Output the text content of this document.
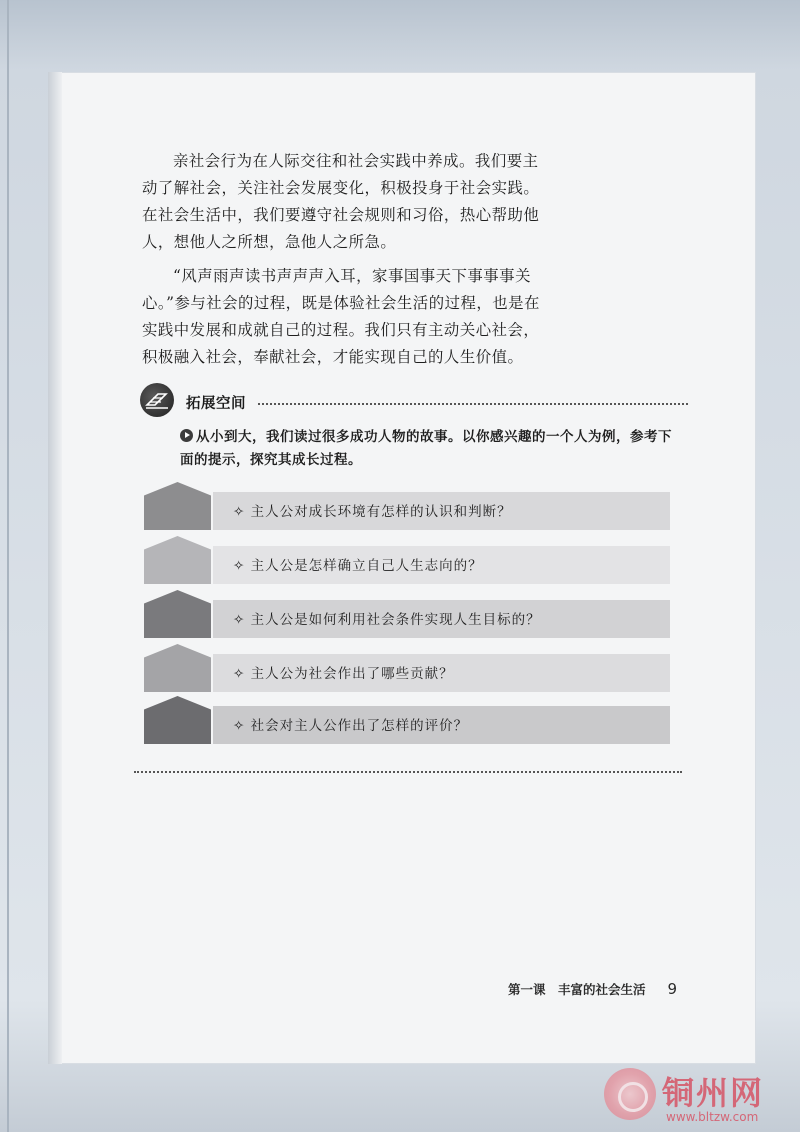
亲社会行为在人际交往和社会实践中养成。我们要主动了解社会，关注社会发展变化，积极投身于社会实践。在社会生活中，我们要遵守社会规则和习俗，热心帮助他人，想他人之所想，急他人之所急。

“风声雨声读书声声声入耳，家事国事天下事事事关心。”参与社会的过程，既是体验社会生活的过程，也是在实践中发展和成就自己的过程。我们只有主动关心社会，积极融入社会，奉献社会，才能实现自己的人生价值。

拓展空间
从小到大，我们读过很多成功人物的故事。以你感兴趣的一个人为例，参考下面的提示，探究其成长过程。
✧ 主人公对成长环境有怎样的认识和判断？
✧ 主人公是怎样确立自己人生志向的？
✧ 主人公是如何利用社会条件实现人生目标的？
✧ 主人公为社会作出了哪些贡献？
✧ 社会对主人公作出了怎样的评价？
第一课　丰富的社会生活 9
铜州网
www.bltzw.com
